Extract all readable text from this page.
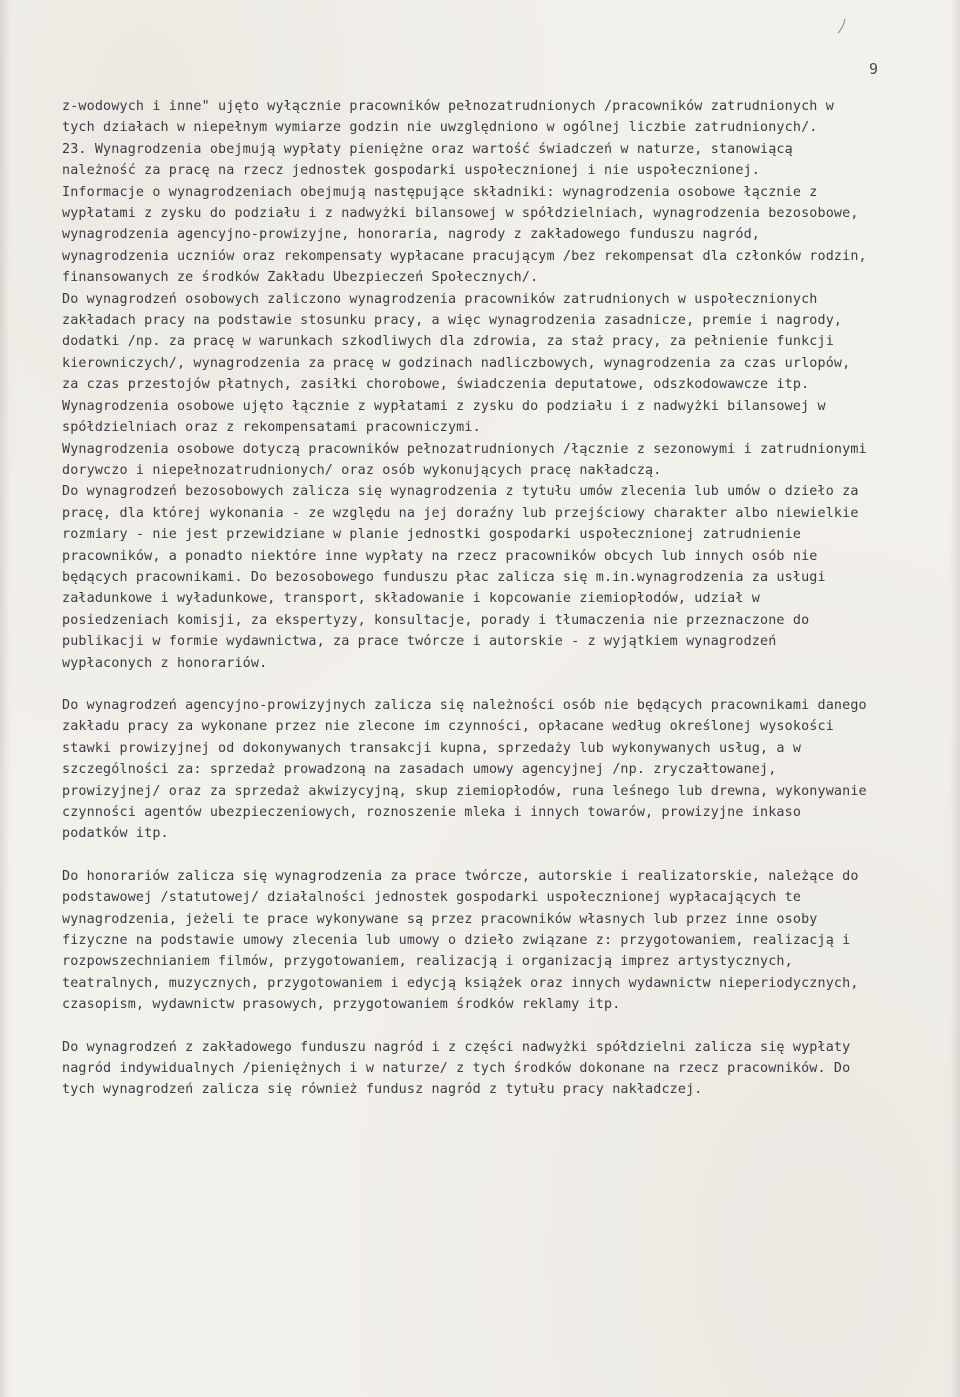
9

z-wodowych i inne" ujęto wyłącznie pracowników pełnozatrudnionych /pracowników zatrudnionych w tych działach w niepełnym wymiarze godzin nie uwzględniono w ogólnej liczbie zatrudnionych/.

23. Wynagrodzenia obejmują wypłaty pieniężne oraz wartość świadczeń w naturze, stanowiącą należność za pracę na rzecz jednostek gospodarki uspołecznionej i nie uspołecznionej.

Informacje o wynagrodzeniach obejmują następujące składniki: wynagrodzenia osobowe łącznie z wypłatami z zysku do podziału i z nadwyżki bilansowej w spółdzielniach, wynagrodzenia bezosobowe, wynagrodzenia agencyjno-prowizyjne, honoraria, nagrody z zakładowego funduszu nagród, wynagrodzenia uczniów oraz rekompensaty wypłacane pracującym /bez rekompensat dla członków rodzin, finansowanych ze środków Zakładu Ubezpieczeń Społecznych/.

Do wynagrodzeń osobowych zaliczono wynagrodzenia pracowników zatrudnionych w uspołecznionych zakładach pracy na podstawie stosunku pracy, a więc wynagrodzenia zasadnicze, premie i nagrody, dodatki /np. za pracę w warunkach szkodliwych dla zdrowia, za staż pracy, za pełnienie funkcji kierowniczych/, wynagrodzenia za pracę w godzinach nadliczbowych, wynagrodzenia za czas urlopów, za czas przestojów płatnych, zasiłki chorobowe, świadczenia deputatowe, odszkodowawcze itp.

Wynagrodzenia osobowe ujęto łącznie z wypłatami z zysku do podziału i z nadwyżki bilansowej w spółdzielniach oraz z rekompensatami pracowniczymi.

Wynagrodzenia osobowe dotyczą pracowników pełnozatrudnionych /łącznie z sezonowymi i zatrudnionymi dorywczo i niepełnozatrudnionych/ oraz osób wykonujących pracę nakładczą.

Do wynagrodzeń bezosobowych zalicza się wynagrodzenia z tytułu umów zlecenia lub umów o dzieło za pracę, dla której wykonania - ze względu na jej doraźny lub przejściowy charakter albo niewielkie rozmiary - nie jest przewidziane w planie jednostki gospodarki uspołecznionej zatrudnienie pracowników, a ponadto niektóre inne wypłaty na rzecz pracowników obcych lub innych osób nie będących pracownikami. Do bezosobowego funduszu płac zalicza się m.in.wynagrodzenia za usługi załadunkowe i wyładunkowe, transport, składowanie i kopcowanie ziemiopłodów, udział w posiedzeniach komisji, za ekspertyzy, konsultacje, porady i tłumaczenia nie przeznaczone do publikacji w formie wydawnictwa, za prace twórcze i autorskie - z wyjątkiem wynagrodzeń wypłaconych z honorariów.

Do wynagrodzeń agencyjno-prowizyjnych zalicza się należności osób nie będących pracownikami danego zakładu pracy za wykonane przez nie zlecone im czynności, opłacane według określonej wysokości stawki prowizyjnej od dokonywanych transakcji kupna, sprzedaży lub wykonywanych usług, a w szczególności za: sprzedaż prowadzoną na zasadach umowy agencyjnej /np. zryczałtowanej, prowizyjnej/ oraz za sprzedaż akwizycyjną, skup ziemiopłodów, runa leśnego lub drewna, wykonywanie czynności agentów ubezpieczeniowych, roznoszenie mleka i innych towarów, prowizyjne inkaso podatków itp.

Do honorariów zalicza się wynagrodzenia za prace twórcze, autorskie i realizatorskie, należące do podstawowej /statutowej/ działalności jednostek gospodarki uspołecznionej wypłacających te wynagrodzenia, jeżeli te prace wykonywane są przez pracowników własnych lub przez inne osoby fizyczne na podstawie umowy zlecenia lub umowy o dzieło związane z: przygotowaniem, realizacją i rozpowszechnianiem filmów, przygotowaniem, realizacją i organizacją imprez artystycznych, teatralnych, muzycznych, przygotowaniem i edycją książek oraz innych wydawnictw nieperiodycznych, czasopism, wydawnictw prasowych, przygotowaniem środków reklamy itp.

Do wynagrodzeń z zakładowego funduszu nagród i z części nadwyżki spółdzielni zalicza się wypłaty nagród indywidualnych /pieniężnych i w naturze/ z tych środków dokonane na rzecz pracowników. Do tych wynagrodzeń zalicza się również fundusz nagród z tytułu pracy nakładczej.
